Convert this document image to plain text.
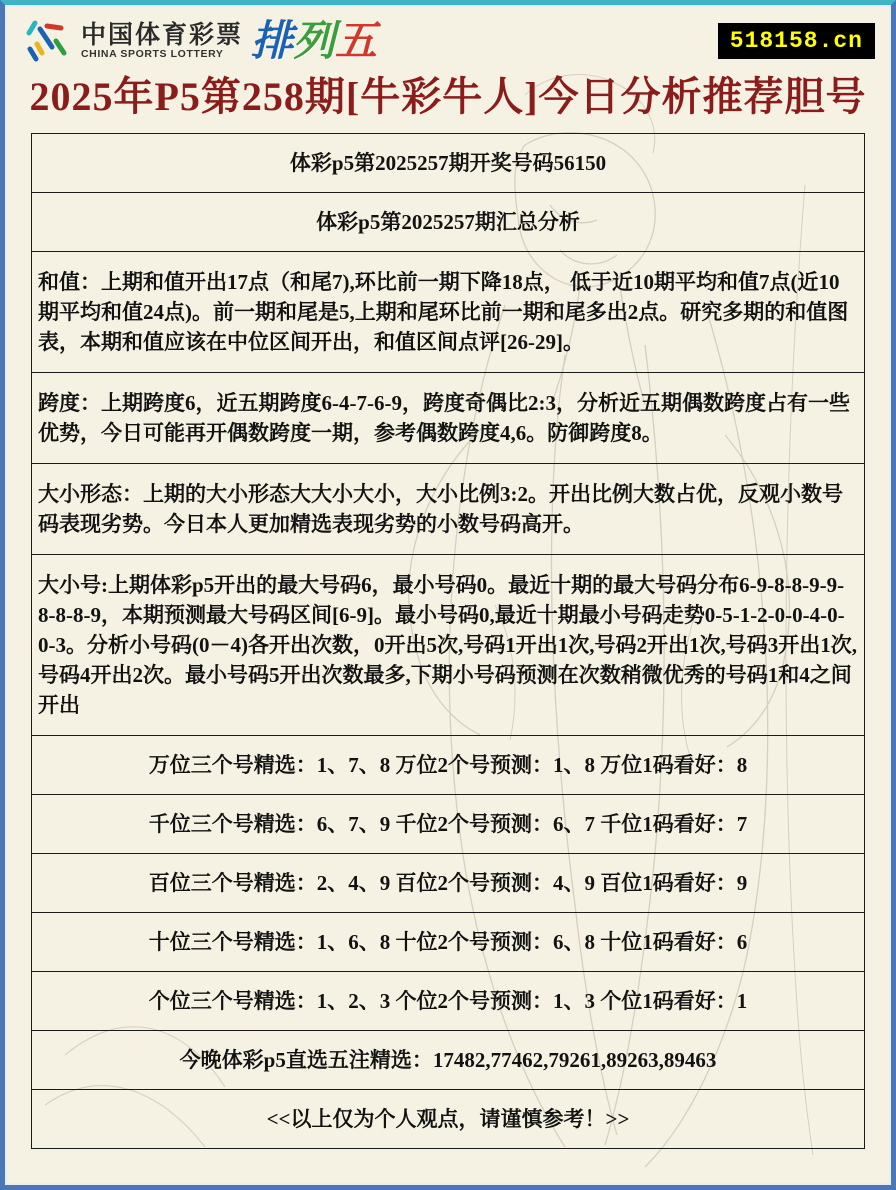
中国体育彩票
CHINA SPORTS LOTTERY 排列五	518158.cn
2025年P5第258期[牛彩牛人]今日分析推荐胆号
体彩p5第2025257期开奖号码56150
体彩p5第2025257期汇总分析
和值：上期和值开出17点（和尾7),环比前一期下降18点， 低于近10期平均和值7点(近10期平均和值24点)。前一期和尾是5,上期和尾环比前一期和尾多出2点。研究多期的和值图表，本期和值应该在中位区间开出，和值区间点评[26-29]。
跨度：上期跨度6，近五期跨度6-4-7-6-9，跨度奇偶比2:3，分析近五期偶数跨度占有一些优势，今日可能再开偶数跨度一期，参考偶数跨度4,6。防御跨度8。
大小形态：上期的大小形态大大小大小，大小比例3:2。开出比例大数占优，反观小数号码表现劣势。今日本人更加精选表现劣势的小数号码高开。
大小号:上期体彩p5开出的最大号码6，最小号码0。最近十期的最大号码分布6-9-8-8-9-9-8-8-8-9，本期预测最大号码区间[6-9]。最小号码0,最近十期最小号码走势0-5-1-2-0-0-4-0-0-3。分析小号码(0－4)各开出次数，0开出5次,号码1开出1次,号码2开出1次,号码3开出1次,号码4开出2次。最小号码5开出次数最多,下期小号码预测在次数稍微优秀的号码1和4之间开出
万位三个号精选：1、7、8 万位2个号预测：1、8 万位1码看好：8
千位三个号精选：6、7、9 千位2个号预测：6、7 千位1码看好：7
百位三个号精选：2、4、9 百位2个号预测：4、9 百位1码看好：9
十位三个号精选：1、6、8 十位2个号预测：6、8 十位1码看好：6
个位三个号精选：1、2、3 个位2个号预测：1、3 个位1码看好：1
今晚体彩p5直选五注精选：17482,77462,79261,89263,89463
<<以上仅为个人观点，请谨慎参考！>>
